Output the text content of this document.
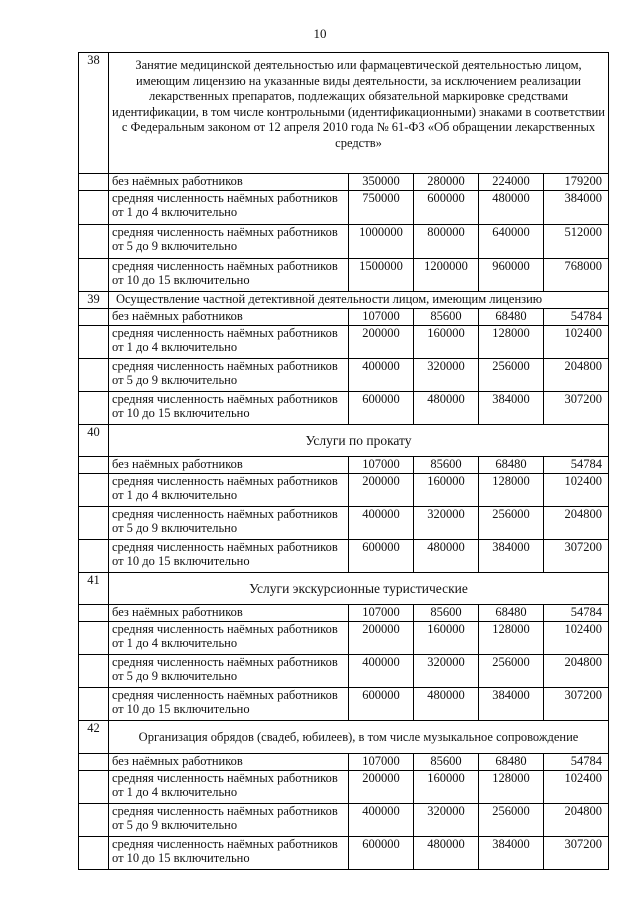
10
38	Занятие медицинской деятельностью или фармацевтической деятельностью лицом, имеющим лицензию на указанные виды деятельности, за исключением реализации лекарственных препаратов, подлежащих обязательной маркировке средствами идентификации, в том числе контрольными (идентификационными) знаками в соответствии с Федеральным законом от 12 апреля 2010 года № 61-ФЗ «Об обращении лекарственных средств»				
	без наёмных работников	350000	280000	224000	179200
	средняя численность наёмных работников от 1 до 4 включительно	750000	600000	480000	384000
	средняя численность наёмных работников от 5 до 9 включительно	1000000	800000	640000	512000
	средняя численность наёмных работников от 10 до 15 включительно	1500000	1200000	960000	768000
39	Осуществление частной детективной деятельности лицом, имеющим лицензию				
	без наёмных работников	107000	85600	68480	54784
	средняя численность наёмных работников от 1 до 4 включительно	200000	160000	128000	102400
	средняя численность наёмных работников от 5 до 9 включительно	400000	320000	256000	204800
	средняя численность наёмных работников от 10 до 15 включительно	600000	480000	384000	307200
40	Услуги по прокату				
	без наёмных работников	107000	85600	68480	54784
	средняя численность наёмных работников от 1 до 4 включительно	200000	160000	128000	102400
	средняя численность наёмных работников от 5 до 9 включительно	400000	320000	256000	204800
	средняя численность наёмных работников от 10 до 15 включительно	600000	480000	384000	307200
41	Услуги экскурсионные туристические				
	без наёмных работников	107000	85600	68480	54784
	средняя численность наёмных работников от 1 до 4 включительно	200000	160000	128000	102400
	средняя численность наёмных работников от 5 до 9 включительно	400000	320000	256000	204800
	средняя численность наёмных работников от 10 до 15 включительно	600000	480000	384000	307200
42	Организация обрядов (свадеб, юбилеев), в том числе музыкальное сопровождение				
	без наёмных работников	107000	85600	68480	54784
	средняя численность наёмных работников от 1 до 4 включительно	200000	160000	128000	102400
	средняя численность наёмных работников от 5 до 9 включительно	400000	320000	256000	204800
	средняя численность наёмных работников от 10 до 15 включительно	600000	480000	384000	307200
